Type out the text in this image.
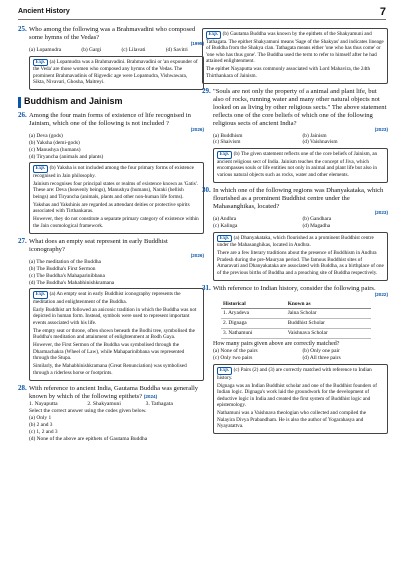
Ancient History	7
25. Who among the following was a Brahmavadini who composed some hymns of the Vedas?
(1995)
(a) Lopamudra	(b) Gargi	(c) Lilavati	(d) Savitri

Exp. (a) Lopamudra was a Brahmavadini. Brahmavadini or 'an expounder of the Veda' are those women who composed any hymns of the Vedas. The prominent Brahmavadinis of Rigvedic age were Lopamudra, Vishwawara, Sikta, Nivavari, Ghosha, Maitreyi.

Buddhism and Jainism
26. Among the four main forms of existence of life recognised in Jainism, which one of the following is not included ?
(2026)
(a) Deva (gods)
(b) Yaksha (demi-gods)
(c) Manushya (humans)
(d) Tiryancha (animals and plants)

Exp. (b) Yaksha is not included among the four primary forms of existence recognised in Jain philosophy.

Jainism recognises four principal states or realms of existence known as 'Gatis'. These are: Deva (heavenly beings), Manushya (humans), Naraki (hellish beings) and Tiryancha (animals, plants and other non-human life forms).

Yakshas and Yakshinis are regarded as attendant deities or protective spirits associated with Tirthankaras.

However, they do not constitute a separate primary category of existence within the Jain cosmological framework.

27. What does an empty seat represent in early Buddhist iconography?
(2026)
(a) The meditation of the Buddha
(b) The Buddha's First Sermon
(c) The Buddha's Mahaparinibbana
(d) The Buddha's Mahabhinishkramana

Exp. (a) An empty seat in early Buddhist iconography represents the meditation and enlightenment of the Buddha.

Early Buddhist art followed an aniconic tradition in which the Buddha was not depicted in human form. Instead, symbols were used to represent important events associated with his life.

The empty seat or throne, often shown beneath the Bodhi tree, symbolised the Buddha's meditation and attainment of enlightenment at Bodh Gaya.

However, the First Sermon of the Buddha was symbolised through the Dharmachakra (Wheel of Law), while Mahaparinibbana was represented through the Stupa.

Similarly, the Mahabhinishkramana (Great Renunciation) was symbolised through a riderless horse or footprints.

28. With reference to ancient India, Gautama Buddha was generally known by which of the following epithets? (2024)
1. Nayaputta	2. Shakyamuni	3. Tathagata
Select the correct answer using the codes given below.
(a) Only 1
(b) 2 and 3
(c) 1, 2 and 3
(d) None of the above are epithets of Gautama Buddha

Exp. (b) Gautama Buddha was known by the epithets of the Shakyamuni and Tathagata. The epithet Shakyamuni means 'Sage of the Shakyas' and indicates lineage of Buddha from the Shakya clan. Tathagata means either 'one who has thus come' or 'one who has thus gone'. The Buddha used the term to refer to himself after he had attained enlightenment.

The epithet Nayaputta was commonly associated with Lord Mahavira, the 24th Thirthankara of Jainism.

29. "Souls are not only the property of a animal and plant life, but also of rocks, running water and many other natural objects not looked on as living by other religious sects." The above statement reflects one of the core beliefs of which one of the following religious sects of ancient India?
(2023)
(a) Buddhism	(b) Jainism
(c) Shaivism	(d) Vaishnavism

Exp. (b) The given statement reflects one of the core beliefs of Jainism, an ancient religious sect of India. Jainism teaches the concept of Jiva, which encompasses souls or life entities not only in animal and plant life but also in various natural objects such as rocks, water and other elements.

30. In which one of the following regions was Dhanyakataka, which flourished as a prominent Buddhist centre under the Mahasanghikas, located?
(2023)
(a) Andhra	(b) Gandhara
(c) Kalinga	(d) Magadha

Exp. (a) Dhanyakataka, which flourished as a prominent Buddhist centre under the Mahasanghikas, located in Andhra.

There are a few literary traditions about the presence of Buddhism in Andhra Pradesh during the pre-Mauryan period. The famous Buddhist sites of Amaravati and Dhanyakataka are associated with Buddha, as a birthplace of one of the previous births of Buddha and a preaching site of Buddha respectively.

31. With reference to Indian history, consider the following pairs.
(2022)
Historical	Known as
1. Aryadeva	Jaina Scholar
2. Dignaga	Buddhist Scholar
3. Nathamuni	Vaishnava Scholar
How many pairs given above are correctly matched?
(a) None of the pairs	(b) Only one pair
(c) Only two pairs	(d) All three pairs

Exp. (c) Pairs (2) and (3) are correctly matched with reference to Indian history.

Dignaga was an Indian Buddhist scholar and one of the Buddhist founders of Indian logic. Dignaga's work laid the groundwork for the development of deductive logic in India and created the first system of Buddhist logic and epistemology.

Nathamuni was a Vaishnava theologian who collected and compiled the Nalayira Divya Prabandham. He is also the author of Yogarahasya and Nyayatattva.
